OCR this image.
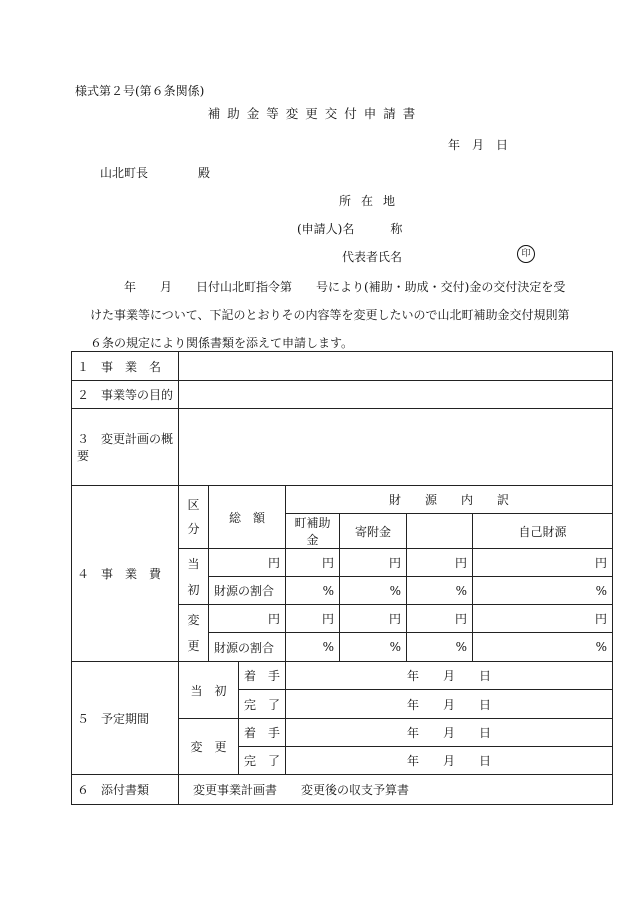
様式第２号(第６条関係)
補助金等変更交付申請書
年　月　日
山北町長	殿
所在地
(申請人)名	称
代表者氏名	印

年　　月　　日付山北町指令第　　号により(補助・助成・交付)金の交付決定を受

けた事業等について、下記のとおりその内容等を変更したいので山北町補助金交付規則第

６条の規定により関係書類を添えて申請します。

１　事　業　名							
２　事業等の目的							
３　変更計画の概要							
４　事　業　費	区分	総　額		財　　源　　内　　訳			
				町補助金	寄附金		自己財源
	当初	円		円	円	円	円
		財源の割合		%	%	%	%
	変更	円		円	円	円	円
		財源の割合		%	%	%	%
５　予定期間	当　初		着　手	年　　月　　日			
			完　了	年　　月　　日			
	変　更		着　手	年　　月　　日			
			完　了	年　　月　　日			
６　添付書類	変更事業計画書　　変更後の収支予算書						
